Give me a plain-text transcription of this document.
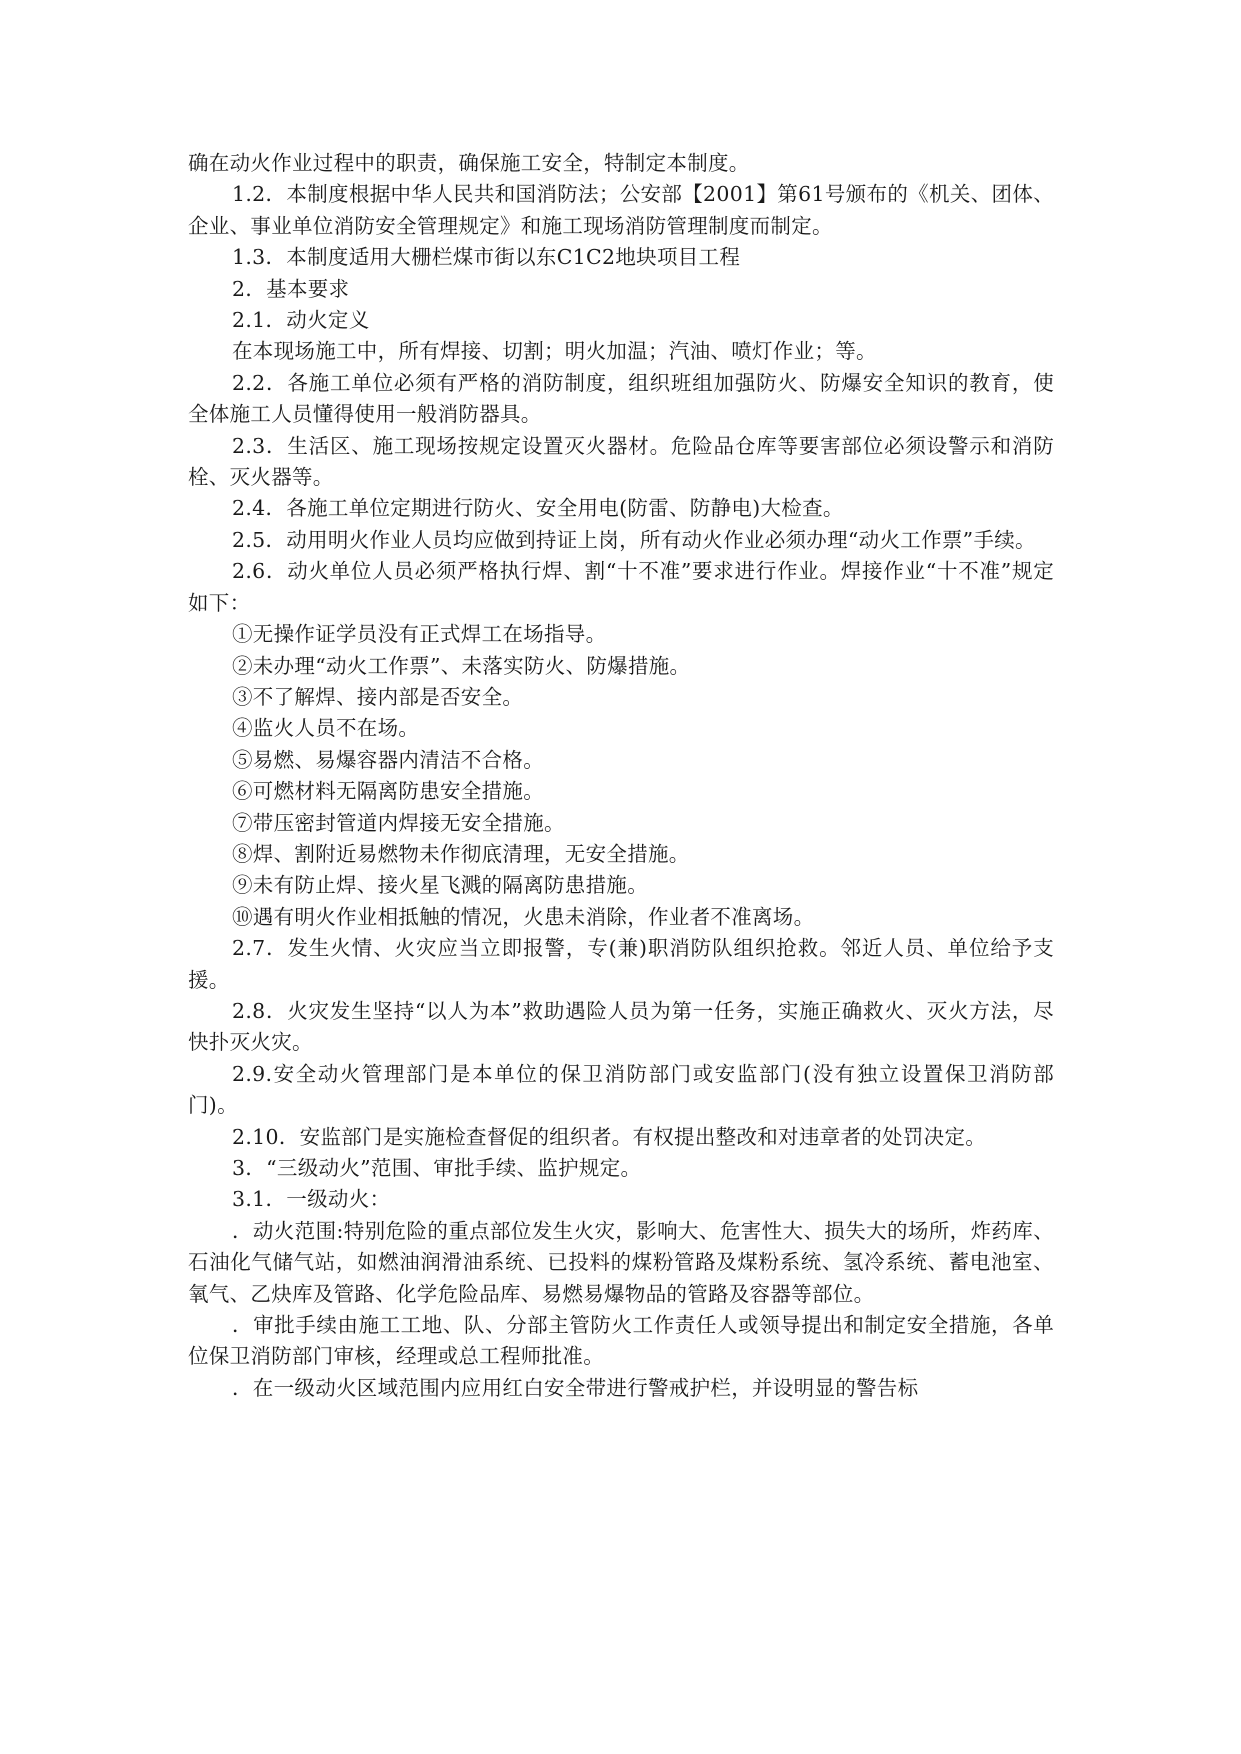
确在动火作业过程中的职责，确保施工安全，特制定本制度。

1.2．本制度根据中华人民共和国消防法；公安部【2001】第61号颁布的《机关、团体、企业、事业单位消防安全管理规定》和施工现场消防管理制度而制定。

1.3．本制度适用大栅栏煤市街以东C1C2地块项目工程

2．基本要求

2.1．动火定义

在本现场施工中，所有焊接、切割；明火加温；汽油、喷灯作业；等。

2.2．各施工单位必须有严格的消防制度，组织班组加强防火、防爆安全知识的教育，使全体施工人员懂得使用一般消防器具。

2.3．生活区、施工现场按规定设置灭火器材。危险品仓库等要害部位必须设警示和消防栓、灭火器等。

2.4．各施工单位定期进行防火、安全用电(防雷、防静电)大检查。

2.5．动用明火作业人员均应做到持证上岗，所有动火作业必须办理“动火工作票”手续。

2.6．动火单位人员必须严格执行焊、割“十不准”要求进行作业。焊接作业“十不准”规定如下：

①无操作证学员没有正式焊工在场指导。

②未办理“动火工作票”、未落实防火、防爆措施。

③不了解焊、接内部是否安全。

④监火人员不在场。

⑤易燃、易爆容器内清洁不合格。

⑥可燃材料无隔离防患安全措施。

⑦带压密封管道内焊接无安全措施。

⑧焊、割附近易燃物未作彻底清理，无安全措施。

⑨未有防止焊、接火星飞溅的隔离防患措施。

⑩遇有明火作业相抵触的情况，火患未消除，作业者不准离场。

2.7．发生火情、火灾应当立即报警，专(兼)职消防队组织抢救。邻近人员、单位给予支援。

2.8．火灾发生坚持“以人为本”救助遇险人员为第一任务，实施正确救火、灭火方法，尽快扑灭火灾。

2.9.安全动火管理部门是本单位的保卫消防部门或安监部门(没有独立设置保卫消防部门)。

2.10．安监部门是实施检查督促的组织者。有权提出整改和对违章者的处罚决定。

3．“三级动火”范围、审批手续、监护规定。

3.1．一级动火：

．动火范围:特别危险的重点部位发生火灾，影响大、危害性大、损失大的场所，炸药库、石油化气储气站，如燃油润滑油系统、已投料的煤粉管路及煤粉系统、氢冷系统、蓄电池室、氧气、乙炔库及管路、化学危险品库、易燃易爆物品的管路及容器等部位。

．审批手续由施工工地、队、分部主管防火工作责任人或领导提出和制定安全措施，各单位保卫消防部门审核，经理或总工程师批准。

．在一级动火区域范围内应用红白安全带进行警戒护栏，并设明显的警告标
